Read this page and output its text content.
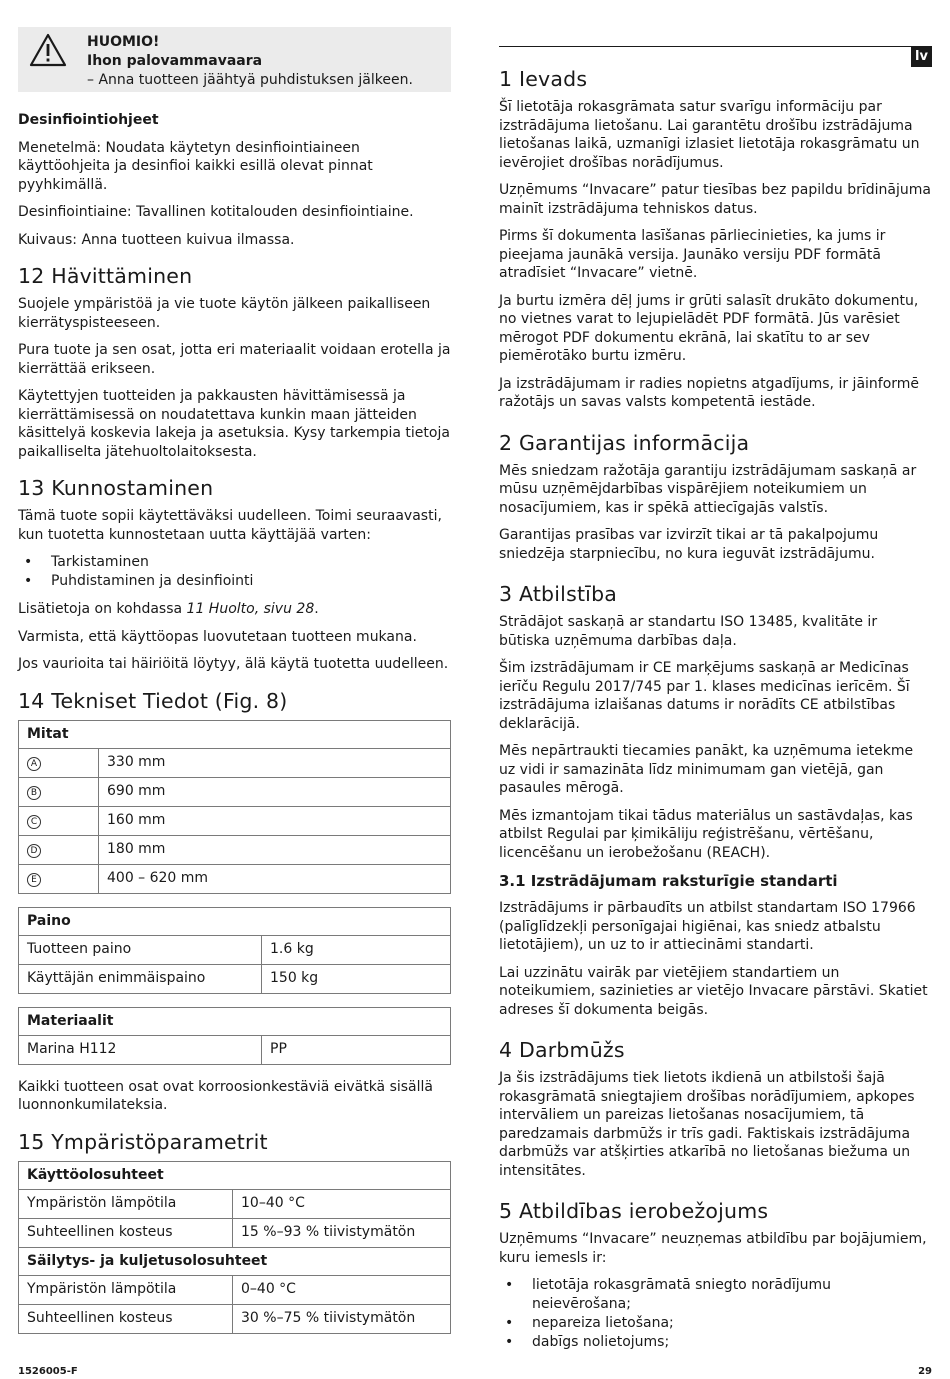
lv
HUOMIO!
Ihon palovammavaara
– Anna tuotteen jäähtyä puhdistuksen jälkeen.
Desinfiointiohjeet

Menetelmä: Noudata käytetyn desinfiointiaineen käyttöohjeita ja desinfioi kaikki esillä olevat pinnat pyyhkimällä.

Desinfiointiaine: Tavallinen kotitalouden desinfiointiaine.

Kuivaus: Anna tuotteen kuivua ilmassa.

12 Hävittäminen

Suojele ympäristöä ja vie tuote käytön jälkeen paikalliseen kierrätyspisteeseen.

Pura tuote ja sen osat, jotta eri materiaalit voidaan erotella ja kierrättää erikseen.

Käytettyjen tuotteiden ja pakkausten hävittämisessä ja kierrättämisessä on noudatettava kunkin maan jätteiden käsittelyä koskevia lakeja ja asetuksia. Kysy tarkempia tietoja paikalliselta jätehuoltolaitoksesta.

13 Kunnostaminen

Tämä tuote sopii käytettäväksi uudelleen. Toimi seuraavasti, kun tuotetta kunnostetaan uutta käyttäjää varten:

• Tarkistaminen
• Puhdistaminen ja desinfiointi

Lisätietoja on kohdassa 11 Huolto, sivu 28.

Varmista, että käyttöopas luovutetaan tuotteen mukana.

Jos vaurioita tai häiriöitä löytyy, älä käytä tuotetta uudelleen.

14 Tekniset Tiedot (Fig. 8)
Mitat	
A	330 mm
B	690 mm
C	160 mm
D	180 mm
E	400 – 620 mm
Paino	
Tuotteen paino	1.6 kg
Käyttäjän enimmäispaino	150 kg
Materiaalit
Marina H112	PP

Kaikki tuotteen osat ovat korroosionkestäviä eivätkä sisällä luonnonkumilateksia.

15 Ympäristöparametrit
Käyttöolosuhteet	
Ympäristön lämpötila	10–40 °C
Suhteellinen kosteus	15 %–93 % tiivistymätön
Säilytys- ja kuljetusolosuhteet	
Ympäristön lämpötila	0–40 °C
Suhteellinen kosteus	30 %–75 % tiivistymätön
1 Ievads

Šī lietotāja rokasgrāmata satur svarīgu informāciju par izstrādājuma lietošanu. Lai garantētu drošību izstrādājuma lietošanas laikā, uzmanīgi izlasiet lietotāja rokasgrāmatu un ievērojiet drošības norādījumus.

Uzņēmums “Invacare” patur tiesības bez papildu brīdinājuma mainīt izstrādājuma tehniskos datus.

Pirms šī dokumenta lasīšanas pārliecinieties, ka jums ir pieejama jaunākā versija. Jaunāko versiju PDF formātā atradīsiet “Invacare” vietnē.

Ja burtu izmēra dēļ jums ir grūti salasīt drukāto dokumentu, no vietnes varat to lejupielādēt PDF formātā. Jūs varēsiet mērogot PDF dokumentu ekrānā, lai skatītu to ar sev piemērotāko burtu izmēru.

Ja izstrādājumam ir radies nopietns atgadījums, ir jāinformē ražotājs un savas valsts kompetentā iestāde.

2 Garantijas informācija

Mēs sniedzam ražotāja garantiju izstrādājumam saskaņā ar mūsu uzņēmējdarbības vispārējiem noteikumiem un nosacījumiem, kas ir spēkā attiecīgajās valstīs.

Garantijas prasības var izvirzīt tikai ar tā pakalpojumu sniedzēja starpniecību, no kura ieguvāt izstrādājumu.

3 Atbilstība

Strādājot saskaņā ar standartu ISO 13485, kvalitāte ir būtiska uzņēmuma darbības daļa.

Šim izstrādājumam ir CE marķējums saskaņā ar Medicīnas ierīču Regulu 2017/745 par 1. klases medicīnas ierīcēm. Šī izstrādājuma izlaišanas datums ir norādīts CE atbilstības deklarācijā.

Mēs nepārtraukti tiecamies panākt, ka uzņēmuma ietekme uz vidi ir samazināta līdz minimumam gan vietējā, gan pasaules mērogā.

Mēs izmantojam tikai tādus materiālus un sastāvdaļas, kas atbilst Regulai par ķimikāliju reģistrēšanu, vērtēšanu, licencēšanu un ierobežošanu (REACH).

3.1 Izstrādājumam raksturīgie standarti

Izstrādājums ir pārbaudīts un atbilst standartam ISO 17966 (palīglīdzekļi personīgajai higiēnai, kas sniedz atbalstu lietotājiem), un uz to ir attiecināmi standarti.

Lai uzzinātu vairāk par vietējiem standartiem un noteikumiem, sazinieties ar vietējo Invacare pārstāvi. Skatiet adreses šī dokumenta beigās.

4 Darbmūžs

Ja šis izstrādājums tiek lietots ikdienā un atbilstoši šajā rokasgrāmatā sniegtajiem drošības norādījumiem, apkopes intervāliem un pareizas lietošanas nosacījumiem, tā paredzamais darbmūžs ir trīs gadi. Faktiskais izstrādājuma darbmūžs var atšķirties atkarībā no lietošanas biežuma un intensitātes.

5 Atbildības ierobežojums

Uzņēmums “Invacare” neuzņemas atbildību par bojājumiem, kuru iemesls ir:

• lietotāja rokasgrāmatā sniegto norādījumu neievērošana;
• nepareiza lietošana;
• dabīgs nolietojums;
1526005-F	29
